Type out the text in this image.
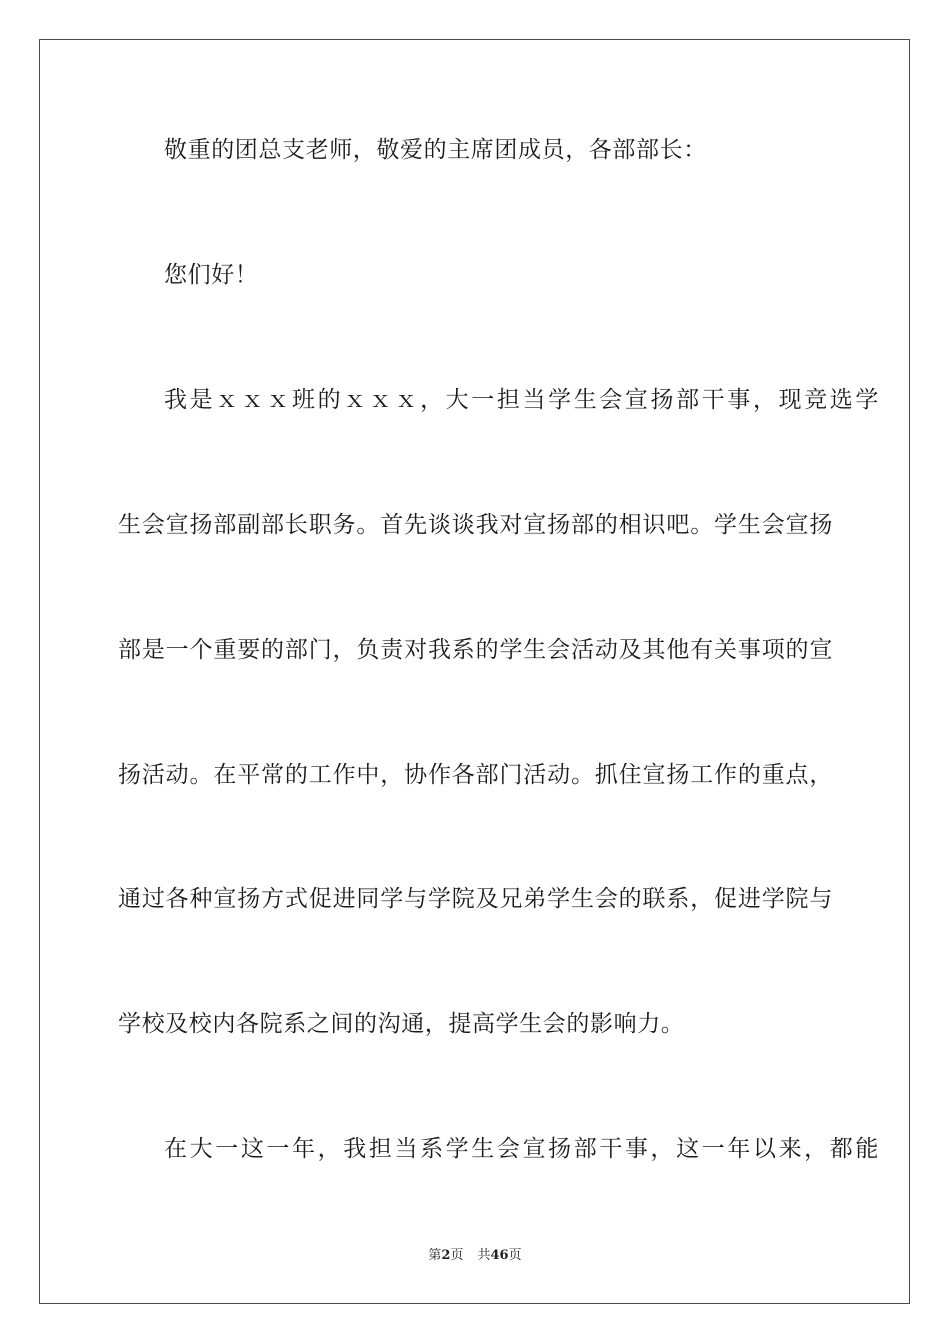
敬重的团总支老师，敬爱的主席团成员，各部部长：
您们好！
我是ｘｘｘ班的ｘｘｘ，大一担当学生会宣扬部干事，现竞选学
生会宣扬部副部长职务。首先谈谈我对宣扬部的相识吧。学生会宣扬
部是一个重要的部门，负责对我系的学生会活动及其他有关事项的宣
扬活动。在平常的工作中，协作各部门活动。抓住宣扬工作的重点，
通过各种宣扬方式促进同学与学院及兄弟学生会的联系，促进学院与
学校及校内各院系之间的沟通，提高学生会的影响力。
在大一这一年，我担当系学生会宣扬部干事，这一年以来，都能
第2页 共46页
